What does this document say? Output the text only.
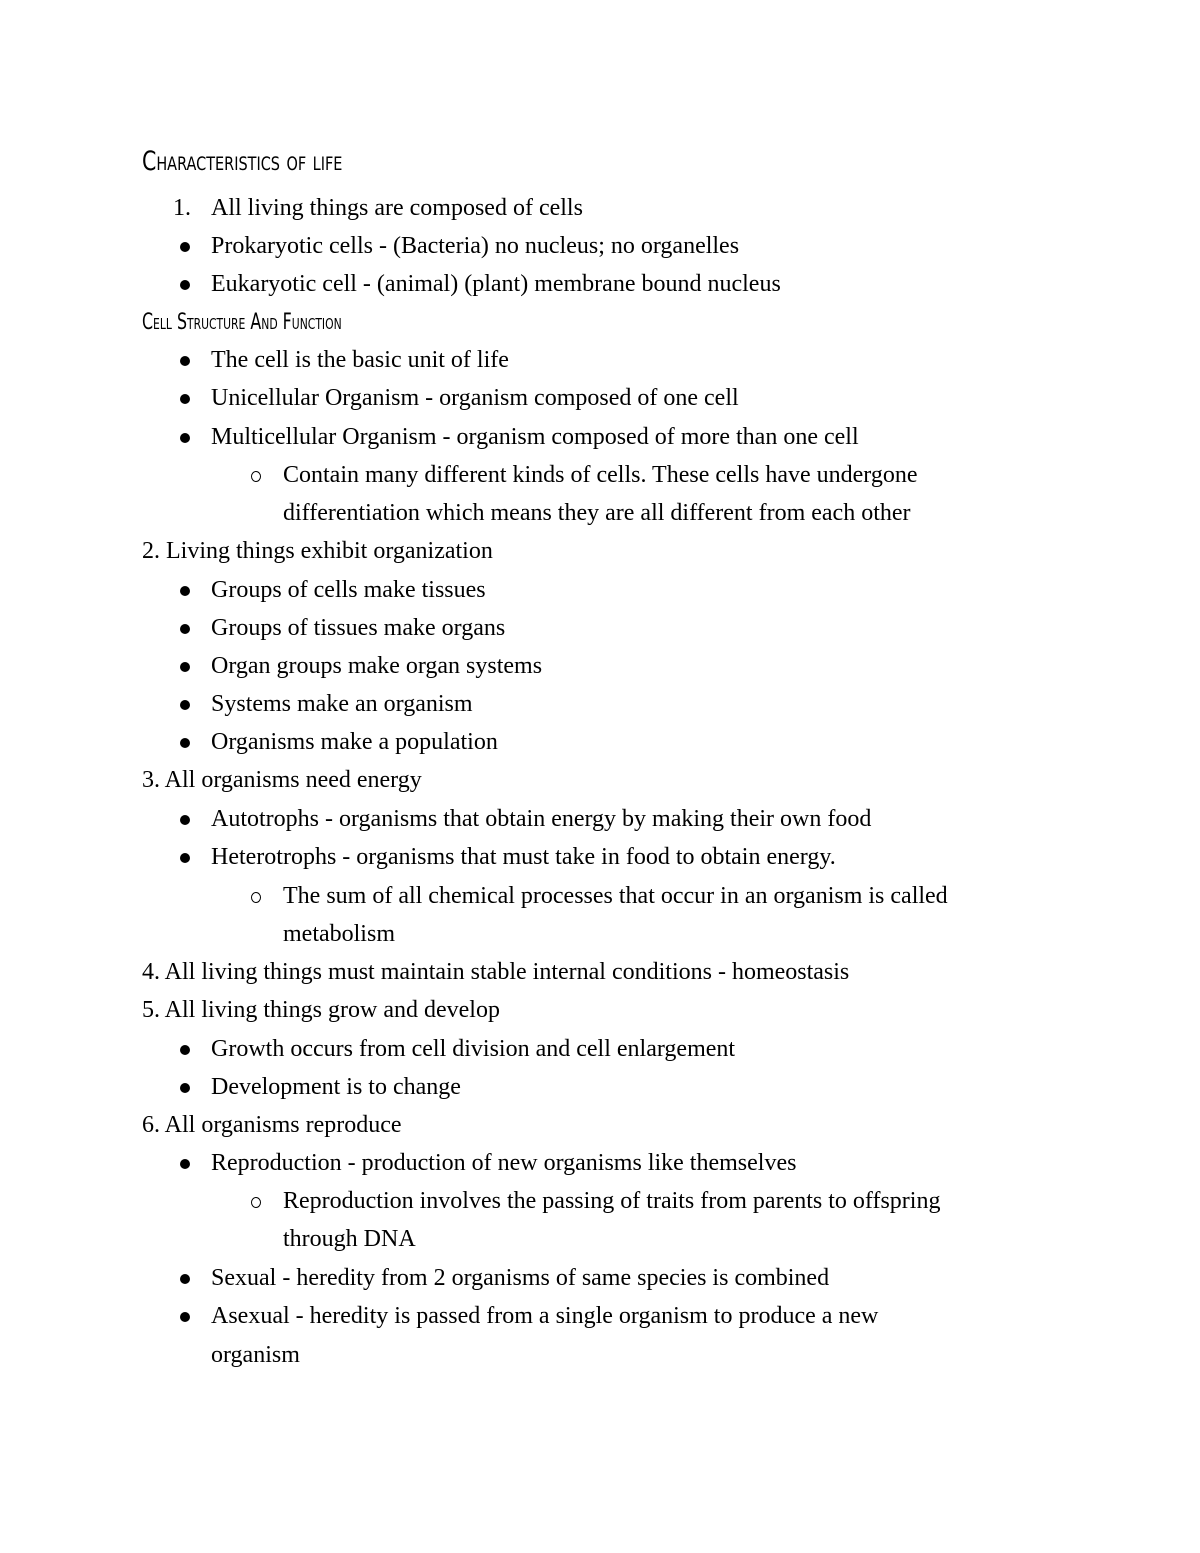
Characteristics of life
1. All living things are composed of cells
Prokaryotic cells - (Bacteria) no nucleus; no organelles
Eukaryotic cell - (animal) (plant) membrane bound nucleus
Cell Structure And Function
The cell is the basic unit of life
Unicellular Organism - organism composed of one cell
Multicellular Organism - organism composed of more than one cell
Contain many different kinds of cells. These cells have undergone
differentiation which means they are all different from each other
2. Living things exhibit organization
Groups of cells make tissues
Groups of tissues make organs
Organ groups make organ systems
Systems make an organism
Organisms make a population
3. All organisms need energy
Autotrophs - organisms that obtain energy by making their own food
Heterotrophs - organisms that must take in food to obtain energy.
The sum of all chemical processes that occur in an organism is called
metabolism
4. All living things must maintain stable internal conditions - homeostasis
5. All living things grow and develop
Growth occurs from cell division and cell enlargement
Development is to change
6. All organisms reproduce
Reproduction - production of new organisms like themselves
Reproduction involves the passing of traits from parents to offspring
through DNA
Sexual - heredity from 2 organisms of same species is combined
Asexual - heredity is passed from a single organism to produce a new
organism
